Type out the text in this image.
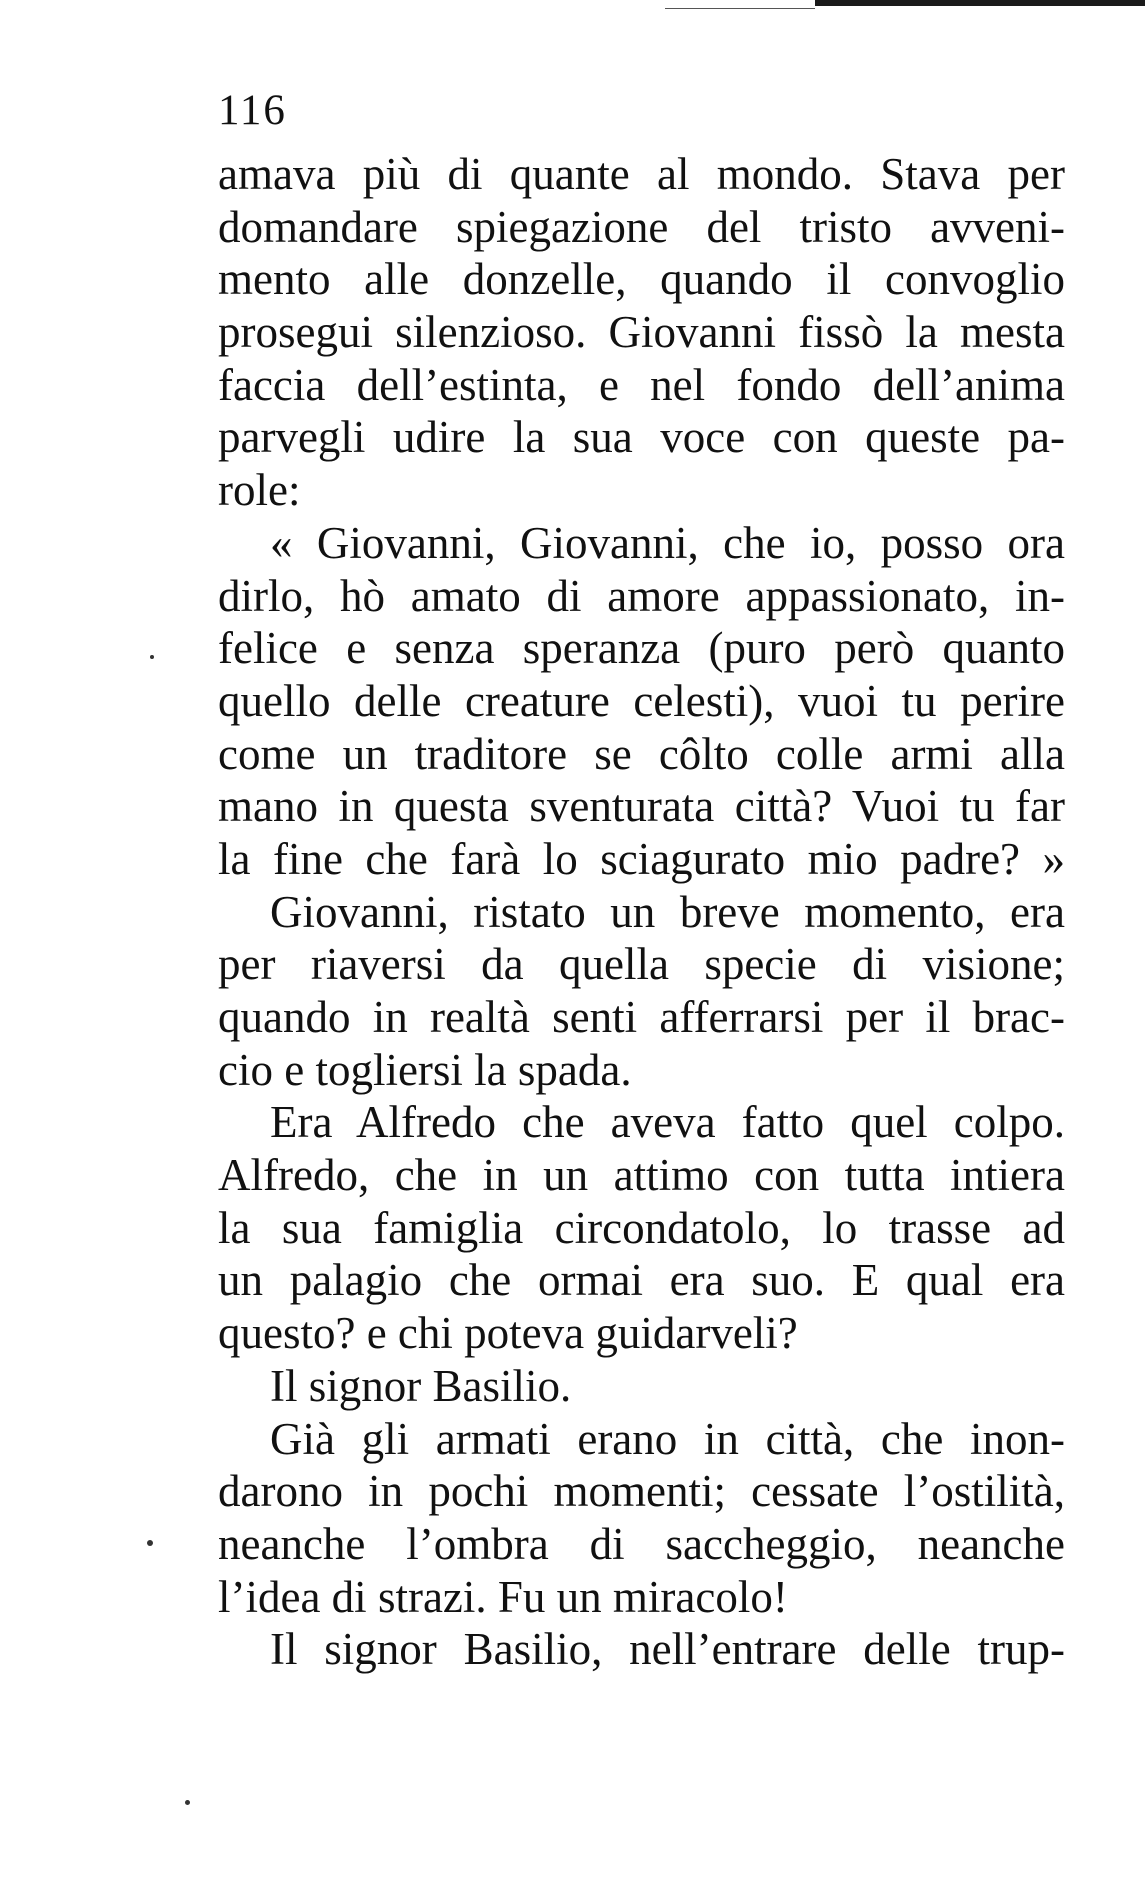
116
amava più di quante al mondo. Stava per
domandare spiegazione del tristo avveni-
mento alle donzelle, quando il convoglio
prosegui silenzioso. Giovanni fissò la mesta
faccia dell’estinta, e nel fondo dell’anima
parvegli udire la sua voce con queste pa-
role:
« Giovanni, Giovanni, che io, posso ora
dirlo, hò amato di amore appassionato, in-
felice e senza speranza (puro però quanto
quello delle creature celesti), vuoi tu perire
come un traditore se côlto colle armi alla
mano in questa sventurata città? Vuoi tu far
la fine che farà lo sciagurato mio padre? »
Giovanni, ristato un breve momento, era
per riaversi da quella specie di visione;
quando in realtà senti afferrarsi per il brac-
cio e togliersi la spada.
Era Alfredo che aveva fatto quel colpo.
Alfredo, che in un attimo con tutta intiera
la sua famiglia circondatolo, lo trasse ad
un palagio che ormai era suo. E qual era
questo? e chi poteva guidarveli?
Il signor Basilio.
Già gli armati erano in città, che inon-
darono in pochi momenti; cessate l’ostilità,
neanche l’ombra di saccheggio, neanche
l’idea di strazi. Fu un miracolo!
Il signor Basilio, nell’entrare delle trup-
